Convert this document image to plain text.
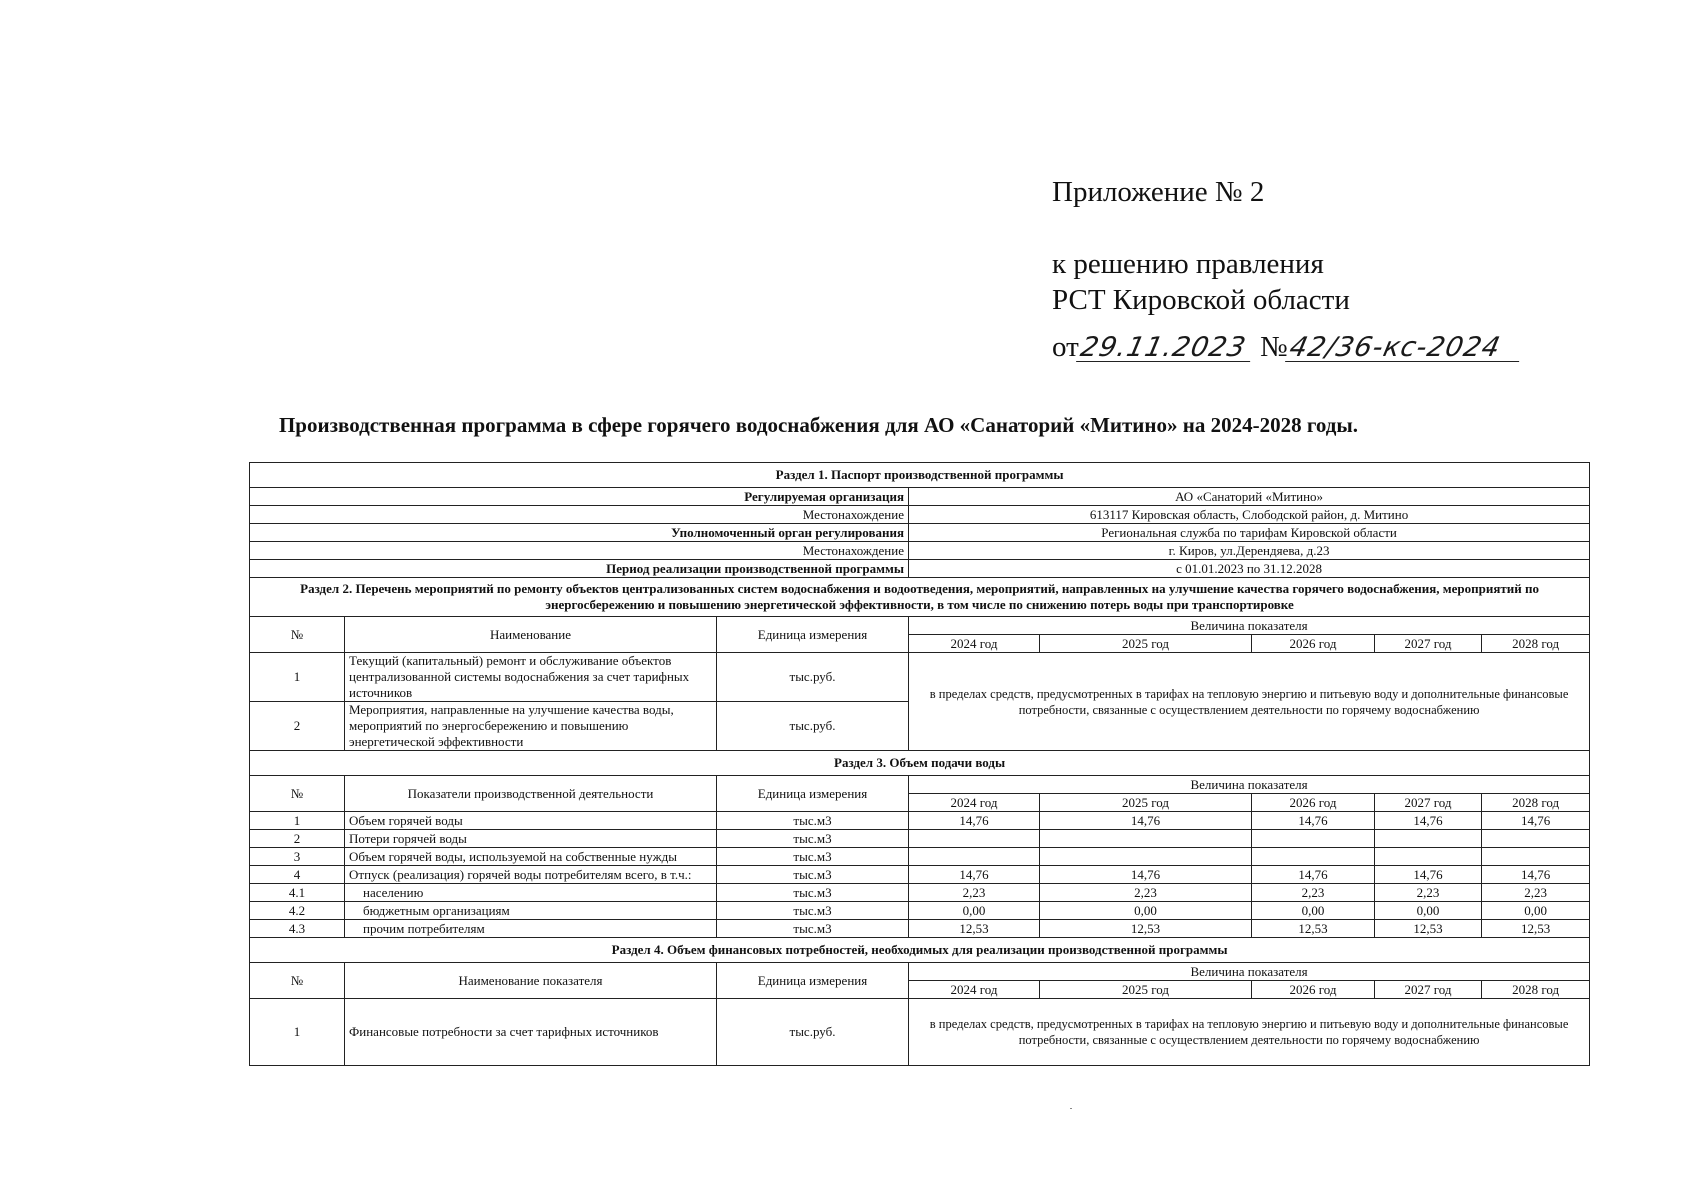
Приложение № 2
к решению правления
РСТ Кировской области
от29.11.2023 №42/36-кс-2024
Производственная программа в сфере горячего водоснабжения для АО «Санаторий «Митино» на 2024-2028 годы.
Раздел 1. Паспорт производственной программы							
Регулируемая организация			АО «Санаторий «Митино»				
Местонахождение			613117 Кировская область, Слободской район, д. Митино				
Уполномоченный орган регулирования			Региональная служба по тарифам Кировской области				
Местонахождение			г. Киров, ул.Дерендяева, д.23				
Период реализации производственной программы			с 01.01.2023 по 31.12.2028				
Раздел 2. Перечень мероприятий по ремонту объектов централизованных систем водоснабжения и водоотведения, мероприятий, направленных на улучшение качества горячего водоснабжения, мероприятий по энергосбережению и повышению энергетической эффективности, в том числе по снижению потерь воды при транспортировке							
№	Наименование	Единица измерения	Величина показателя				
			2024 год	2025 год	2026 год	2027 год	2028 год
1	Текущий (капитальный) ремонт и обслуживание объектов централизованной системы водоснабжения за счет тарифных источников	тыс.руб.	в пределах средств, предусмотренных в тарифах на тепловую энергию и питьевую воду и дополнительные финансовые потребности, связанные с осуществлением деятельности по горячему водоснабжению				
2	Мероприятия, направленные на улучшение качества воды, мероприятий по энергосбережению и повышению энергетической эффективности	тыс.руб.					
Раздел 3. Объем подачи воды							
№	Показатели производственной деятельности	Единица измерения	Величина показателя				
			2024 год	2025 год	2026 год	2027 год	2028 год
1	Объем горячей воды	тыс.м3	14,76	14,76	14,76	14,76	14,76
2	Потери горячей воды	тыс.м3					
3	Объем горячей воды, используемой на собственные нужды	тыс.м3					
4	Отпуск (реализация) горячей воды потребителям всего, в т.ч.:	тыс.м3	14,76	14,76	14,76	14,76	14,76
4.1	населению	тыс.м3	2,23	2,23	2,23	2,23	2,23
4.2	бюджетным организациям	тыс.м3	0,00	0,00	0,00	0,00	0,00
4.3	прочим потребителям	тыс.м3	12,53	12,53	12,53	12,53	12,53
Раздел 4. Объем финансовых потребностей, необходимых для реализации производственной программы							
№	Наименование показателя	Единица измерения	Величина показателя				
			2024 год	2025 год	2026 год	2027 год	2028 год
1	Финансовые потребности за счет тарифных источников	тыс.руб.	в пределах средств, предусмотренных в тарифах на тепловую энергию и питьевую воду и дополнительные финансовые потребности, связанные с осуществлением деятельности по горячему водоснабжению				
